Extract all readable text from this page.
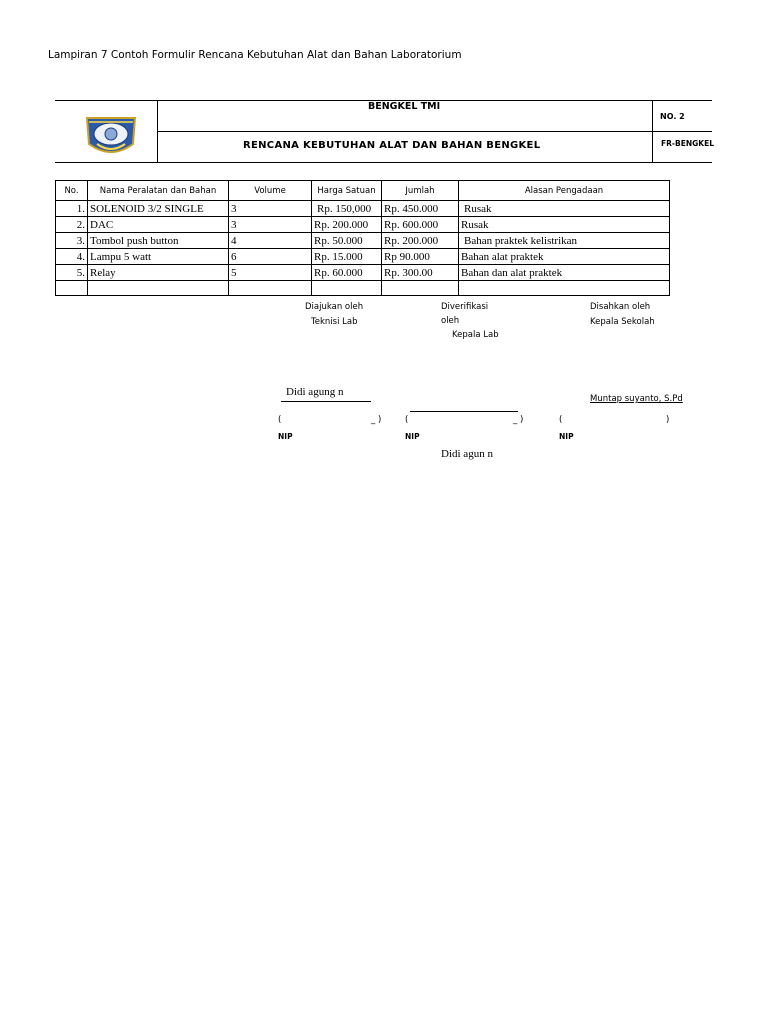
Lampiran 7 Contoh Formulir Rencana Kebutuhan Alat dan Bahan Laboratorium
BENGKEL TMI
RENCANA KEBUTUHAN ALAT DAN BAHAN BENGKEL
NO. 2
FR-BENGKEL
No.	Nama Peralatan dan Bahan	Volume	Harga Satuan	Jumlah	Alasan Pengadaan
1.	SOLENOID 3/2 SINGLE	3	Rp. 150,000	Rp. 450.000	Rusak
2.	DAC	3	Rp. 200.000	Rp. 600.000	Rusak
3.	Tombol push button	4	Rp. 50.000	Rp. 200.000	Bahan praktek kelistrikan
4.	Lampu 5 watt	6	Rp. 15.000	Rp 90.000	Bahan alat praktek
5.	Relay	5	Rp. 60.000	Rp. 300.00	Bahan dan alat praktek

Diajukan oleh
Teknisi Lab
Didi agung n
(	_ )
NIP
Diverifikasi
oleh
Kepala Lab
(	_ )
NIP
Didi agun n
Disahkan oleh
Kepala Sekolah
Muntap suyanto, S.Pd
(	)
NIP
